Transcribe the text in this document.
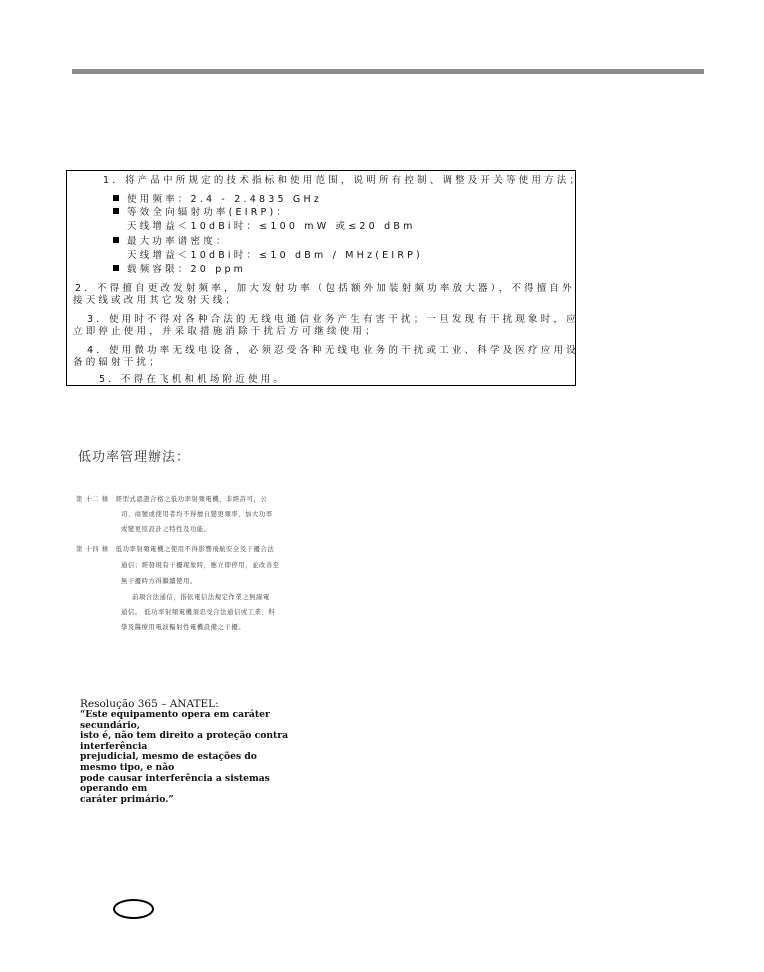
1．将产品中所规定的技术指标和使用范围，说明所有控制、调整及开关等使用方法；
使用频率：2.4 - 2.4835 GHz
等效全向辐射功率(EIRP)：
天线增益＜10dBi时：≤100 mW 或≤20 dBm
最大功率谱密度：
天线增益＜10dBi时：≤10 dBm / MHz(EIRP)
载频容限：20 ppm
2．不得擅自更改发射频率，加大发射功率（包括额外加装射频功率放大器），不得擅自外
接天线或改用其它发射天线；
3．使用时不得对各种合法的无线电通信业务产生有害干扰；一旦发现有干扰现象时，应
立即停止使用，并采取措施消除干扰后方可继续使用；
4．使用微功率无线电设备，必须忍受各种无线电业务的干扰或工业、科学及医疗应用设
备的辐射干扰；
5．不得在飞机和机场附近使用。
低功率管理辦法：
第 十二 條　經型式認證合格之低功率射頻電機，非經許可，公
司、商號或使用者均不得擅自變更頻率、加大功率
或變更原設計之特性及功能。
第 十四 條　低功率射頻電機之使用不得影響飛航安全及干擾合法
通信；經發現有干擾現象時，應立即停用，並改善至
無干擾時方得繼續使用。
前項合法通信，指依電信法規定作業之無線電
通信。 低功率射頻電機須忍受合法通信或工業、科
學及醫療用電波輻射性電機設備之干擾。
Resolução 365 – ANATEL:
“Este equipamento opera em caráter secundário,
isto é, não tem direito a proteção contra interferência
prejudicial, mesmo de estações do mesmo tipo, e não
pode causar interferência a sistemas operando em
caráter primário.”
